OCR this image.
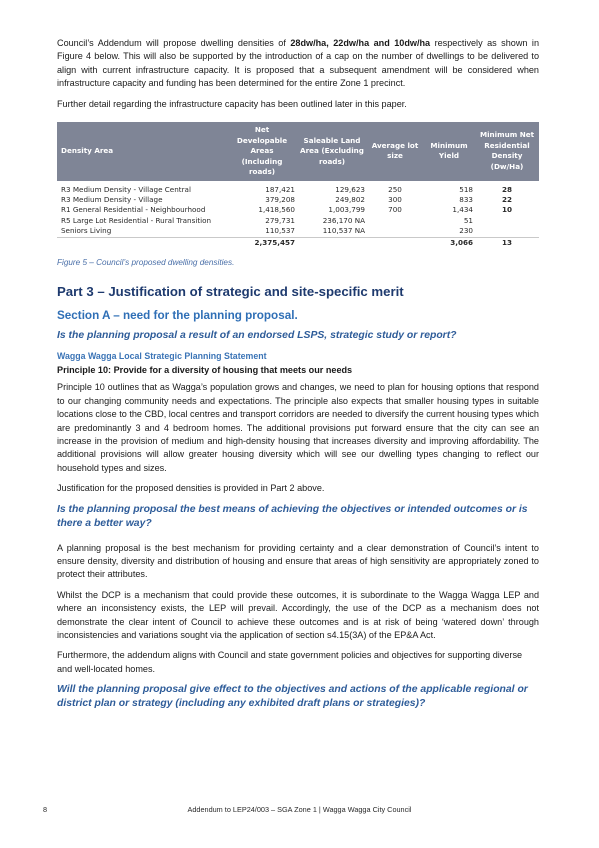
Council’s Addendum will propose dwelling densities of 28dw/ha, 22dw/ha and 10dw/ha respectively as shown in Figure 4 below. This will also be supported by the introduction of a cap on the number of dwellings to be delivered to align with current infrastructure capacity. It is proposed that a subsequent amendment will be considered when infrastructure capacity and funding has been determined for the entire Zone 1 precinct.

Further detail regarding the infrastructure capacity has been outlined later in this paper.

Density Area	Net Developable Areas (Including roads)	Saleable Land Area (Excluding roads)	Average lot size	Minimum Yield	Minimum Net Residential Density (Dw/Ha)
R3 Medium Density - Village Central	187,421	129,623	250	518	28
R3 Medium Density - Village	379,208	249,802	300	833	22
R1 General Residential - Neighbourhood	1,418,560	1,003,799	700	1,434	10
R5 Large Lot Residential - Rural Transition	279,731	236,170 NA		51	
Seniors Living	110,537	110,537 NA		230	
	2,375,457			3,066	13

Figure 5 – Council’s proposed dwelling densities.

Part 3 – Justification of strategic and site-specific merit
Section A – need for the planning proposal.
Is the planning proposal a result of an endorsed LSPS, strategic study or report?
Wagga Wagga Local Strategic Planning Statement
Principle 10: Provide for a diversity of housing that meets our needs

Principle 10 outlines that as Wagga’s population grows and changes, we need to plan for housing options that respond to our changing community needs and expectations. The principle also expects that smaller housing types in suitable locations close to the CBD, local centres and transport corridors are needed to diversify the current housing types which are predominantly 3 and 4 bedroom homes. The additional provisions put forward ensure that the city can see an increase in the provision of medium and high-density housing that increases diversity and improving affordability. The additional provisions will allow greater housing diversity which will see our dwelling types changing to reflect our household types and sizes.

Justification for the proposed densities is provided in Part 2 above.

Is the planning proposal the best means of achieving the objectives or intended outcomes or is there a better way?

A planning proposal is the best mechanism for providing certainty and a clear demonstration of Council’s intent to ensure density, diversity and distribution of housing and ensure that areas of high sensitivity are appropriately zoned to protect their attributes.

Whilst the DCP is a mechanism that could provide these outcomes, it is subordinate to the Wagga Wagga LEP and where an inconsistency exists, the LEP will prevail. Accordingly, the use of the DCP as a mechanism does not demonstrate the clear intent of Council to achieve these outcomes and is at risk of being ‘watered down’ through inconsistencies and variations sought via the application of section s4.15(3A) of the EP&A Act.

Furthermore, the addendum aligns with Council and state government policies and objectives for supporting diverse and well-located homes.

Will the planning proposal give effect to the objectives and actions of the applicable regional or district plan or strategy (including any exhibited draft plans or strategies)?
8	Addendum to LEP24/003 – SGA Zone 1 | Wagga Wagga City Council
